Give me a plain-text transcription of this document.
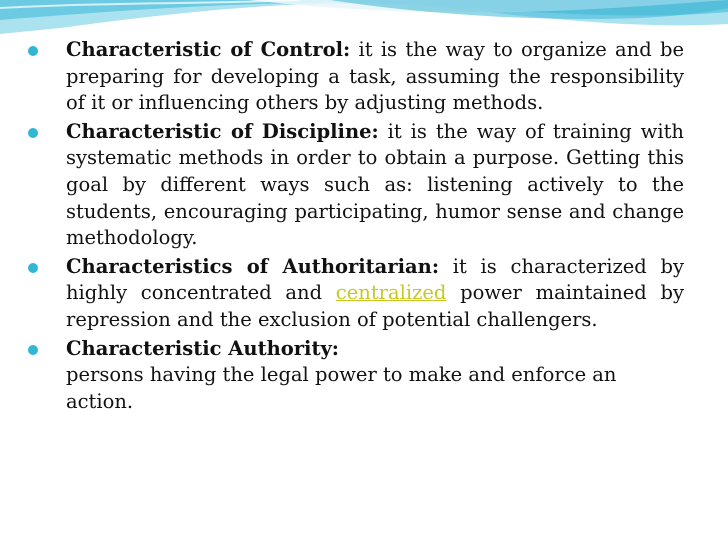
Characteristic of Control: it is the way to organize and be preparing for developing a task, assuming the responsibility of it or influencing others by adjusting methods.
Characteristic of Discipline: it is the way of training with systematic methods in order to obtain a purpose. Getting this goal by different ways such as: listening actively to the students, encouraging participating, humor sense and change methodology.
Characteristics of Authoritarian: it is characterized by highly concentrated and centralized power maintained by repression and the exclusion of potential challengers.
Characteristic Authority:
persons having the legal power to make and enforce an action.
